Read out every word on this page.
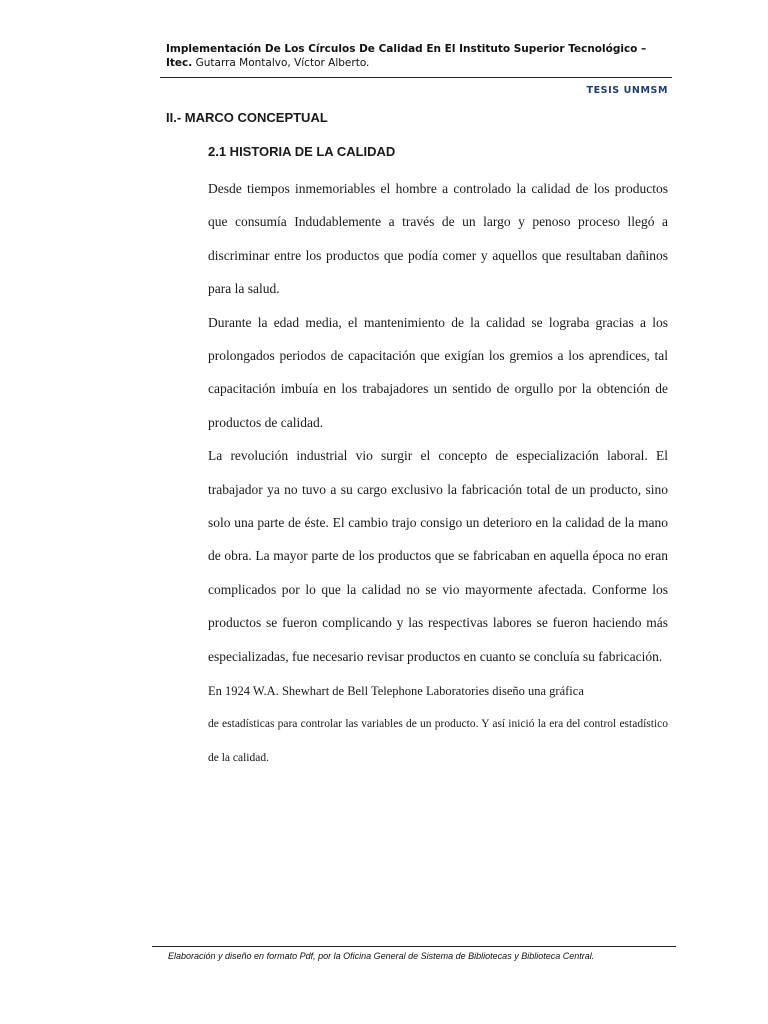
Implementación De Los Círculos De Calidad En El Instituto Superior Tecnológico – Itec. Gutarra Montalvo, Víctor Alberto.
TESIS UNMSM
II.- MARCO CONCEPTUAL
2.1 HISTORIA DE LA CALIDAD

Desde tiempos inmemoriables el hombre a controlado la calidad de los productos que consumía Indudablemente a través de un largo y penoso proceso llegó a discriminar entre los productos que podía comer y aquellos que resultaban dañinos para la salud.

Durante la edad media, el mantenimiento de la calidad se lograba gracias a los prolongados periodos de capacitación que exigían los gremios a los aprendices, tal capacitación imbuía en los trabajadores un sentido de orgullo por la obtención de productos de calidad.

La revolución industrial vio surgir el concepto de especialización laboral. El trabajador ya no tuvo a su cargo exclusivo la fabricación total de un producto, sino solo una parte de éste. El cambio trajo consigo un deterioro en la calidad de la mano de obra. La mayor parte de los productos que se fabricaban en aquella época no eran complicados por lo que la calidad no se vio mayormente afectada. Conforme los productos se fueron complicando y las respectivas labores se fueron haciendo más especializadas, fue necesario revisar productos en cuanto se concluía su fabricación.

En 1924 W.A. Shewhart de Bell Telephone Laboratories diseño una gráfica

de estadísticas para controlar las variables de un producto. Y así inició la era del control estadístico de la calidad.

Elaboración y diseño en formato Pdf, por la Oficina General de Sistema de Bibliotecas y Biblioteca Central.
